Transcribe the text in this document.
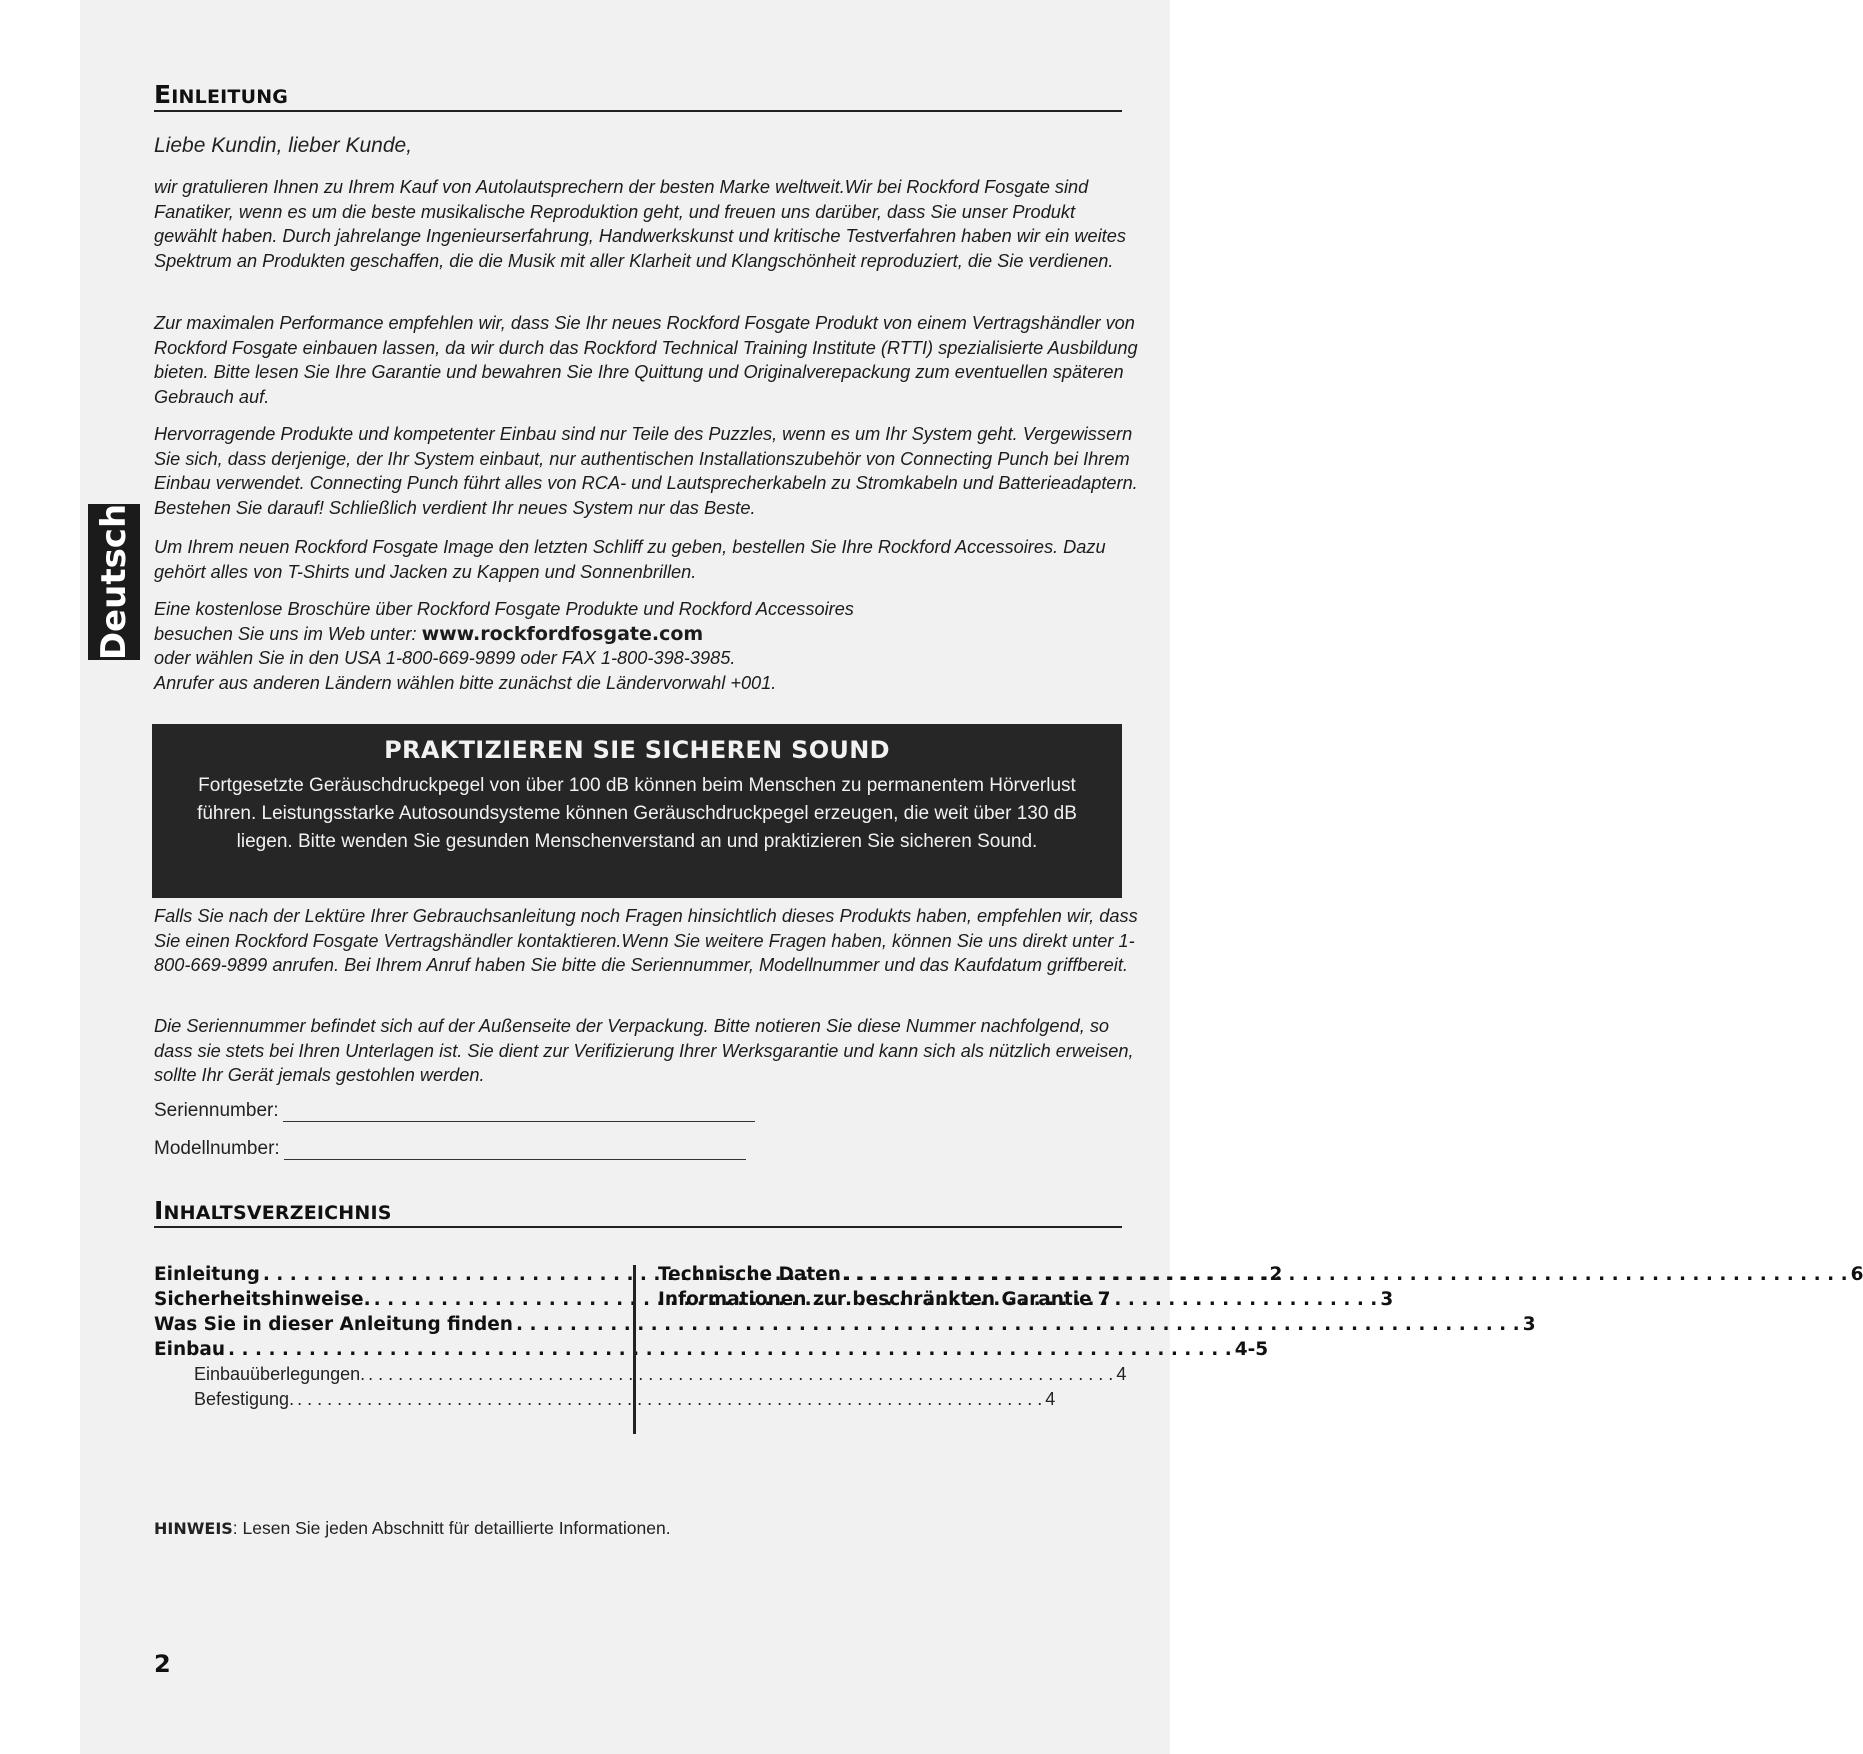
EINLEITUNG
Liebe Kundin, lieber Kunde,

wir gratulieren Ihnen zu Ihrem Kauf von Autolautsprechern der besten Marke weltweit.Wir bei Rockford Fosgate sind Fanatiker, wenn es um die beste musikalische Reproduktion geht, und freuen uns darüber, dass Sie unser Produkt gewählt haben. Durch jahrelange Ingenieurserfahrung, Handwerkskunst und kritische Testverfahren haben wir ein weites Spektrum an Produkten geschaffen, die die Musik mit aller Klarheit und Klangschönheit reproduziert, die Sie verdienen.

Zur maximalen Performance empfehlen wir, dass Sie Ihr neues Rockford Fosgate Produkt von einem Vertragshändler von Rockford Fosgate einbauen lassen, da wir durch das Rockford Technical Training Institute (RTTI) spezialisierte Ausbildung bieten. Bitte lesen Sie Ihre Garantie und bewahren Sie Ihre Quittung und Originalverepackung zum eventuellen späteren Gebrauch auf.

Hervorragende Produkte und kompetenter Einbau sind nur Teile des Puzzles, wenn es um Ihr System geht. Vergewissern Sie sich, dass derjenige, der Ihr System einbaut, nur authentischen Installationszubehör von Connecting Punch bei Ihrem Einbau verwendet. Connecting Punch führt alles von RCA- und Lautsprecherkabeln zu Stromkabeln und Batterieadaptern. Bestehen Sie darauf! Schließlich verdient Ihr neues System nur das Beste.

Um Ihrem neuen Rockford Fosgate Image den letzten Schliff zu geben, bestellen Sie Ihre Rockford Accessoires. Dazu gehört alles von T-Shirts und Jacken zu Kappen und Sonnenbrillen.

Deutsch Eine kostenlose Broschüre über Rockford Fosgate Produkte und Rockford Accessoires
besuchen Sie uns im Web unter: www.rockfordfosgate.com
oder wählen Sie in den USA 1-800-669-9899 oder FAX 1-800-398-3985.
Anrufer aus anderen Ländern wählen bitte zunächst die Ländervorwahl +001.
PRAKTIZIEREN SIE SICHEREN SOUND
Fortgesetzte Geräuschdruckpegel von über 100 dB können beim Menschen zu permanentem Hörverlust führen. Leistungsstarke Autosoundsysteme können Geräuschdruckpegel erzeugen, die weit über 130 dB liegen. Bitte wenden Sie gesunden Menschenverstand an und praktizieren Sie sicheren Sound.

Falls Sie nach der Lektüre Ihrer Gebrauchsanleitung noch Fragen hinsichtlich dieses Produkts haben, empfehlen wir, dass Sie einen Rockford Fosgate Vertragshändler kontaktieren.Wenn Sie weitere Fragen haben, können Sie uns direkt unter 1-800-669-9899 anrufen. Bei Ihrem Anruf haben Sie bitte die Seriennummer, Modellnummer und das Kaufdatum griffbereit.

Die Seriennummer befindet sich auf der Außenseite der Verpackung. Bitte notieren Sie diese Nummer nachfolgend, so dass sie stets bei Ihren Unterlagen ist. Sie dient zur Verifizierung Ihrer Werksgarantie und kann sich als nützlich erweisen, sollte Ihr Gerät jemals gestohlen werden.

Seriennumber:
Modellnumber:
INHALTSVERZEICHNIS
Einleitung . . .	2
Sicherheitshinweise. . . .	3
Was Sie in dieser Anleitung finden . . .	3
Einbau . . .	4-5
Einbauüberlegungen. . . .	4
Befestigung. . . .	4
Technische Daten . . .	6
Informationen zur beschränkten Garantie 7
HINWEIS: Lesen Sie jeden Abschnitt für detaillierte Informationen.
2
